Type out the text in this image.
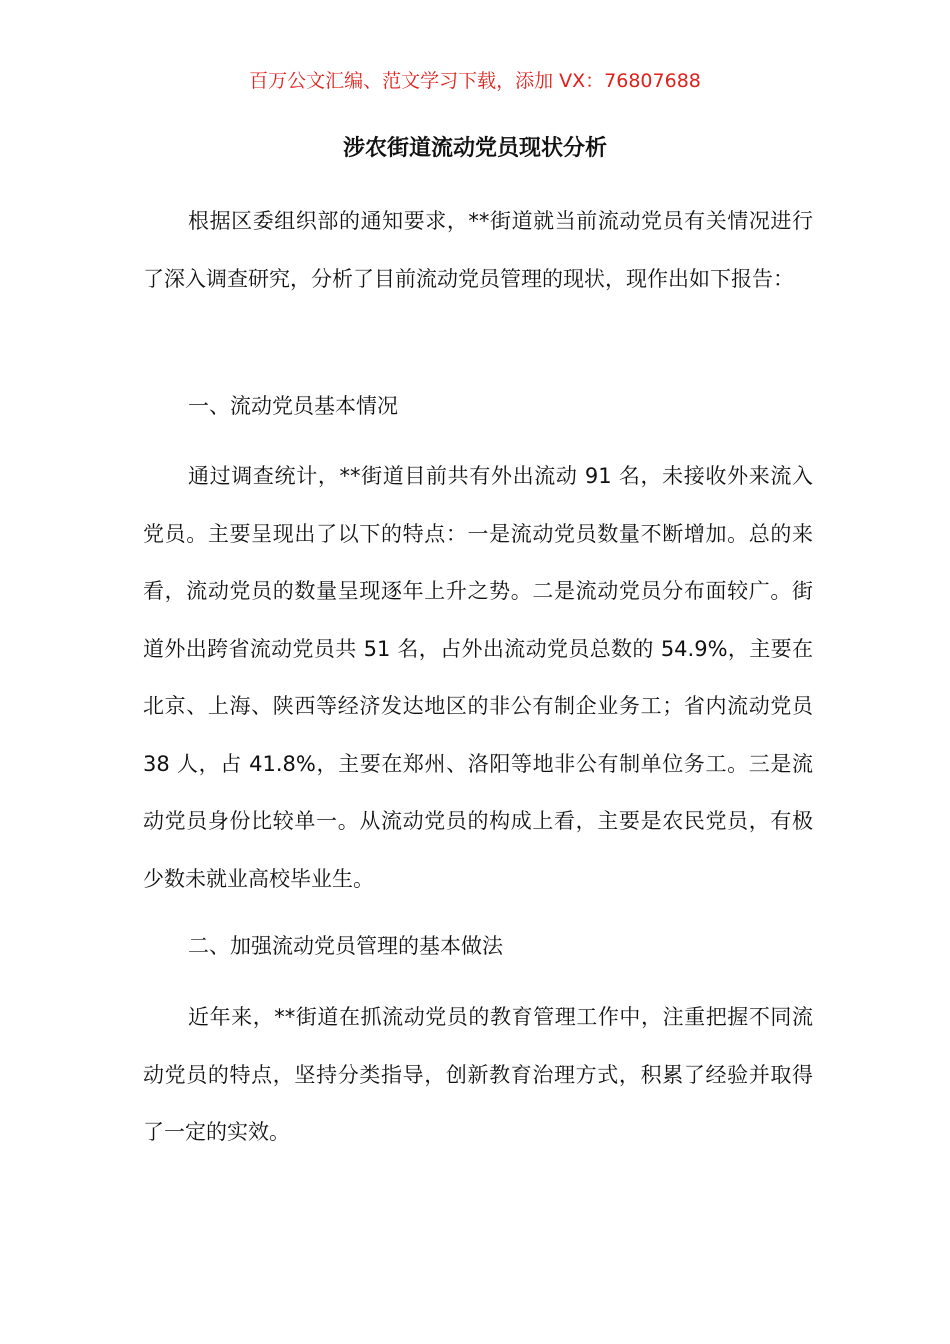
百万公文汇编、范文学习下载，添加 VX：76807688
涉农街道流动党员现状分析

根据区委组织部的通知要求，**街道就当前流动党员有关情况进行了深入调查研究，分析了目前流动党员管理的现状，现作出如下报告：

一、流动党员基本情况

通过调查统计，**街道目前共有外出流动 91 名，未接收外来流入党员。主要呈现出了以下的特点：一是流动党员数量不断增加。总的来看，流动党员的数量呈现逐年上升之势。二是流动党员分布面较广。街道外出跨省流动党员共 51 名，占外出流动党员总数的 54.9%，主要在北京、上海、陕西等经济发达地区的非公有制企业务工；省内流动党员 38 人，占 41.8%，主要在郑州、洛阳等地非公有制单位务工。三是流动党员身份比较单一。从流动党员的构成上看，主要是农民党员，有极少数未就业高校毕业生。

二、加强流动党员管理的基本做法

近年来，**街道在抓流动党员的教育管理工作中，注重把握不同流动党员的特点，坚持分类指导，创新教育治理方式，积累了经验并取得了一定的实效。
